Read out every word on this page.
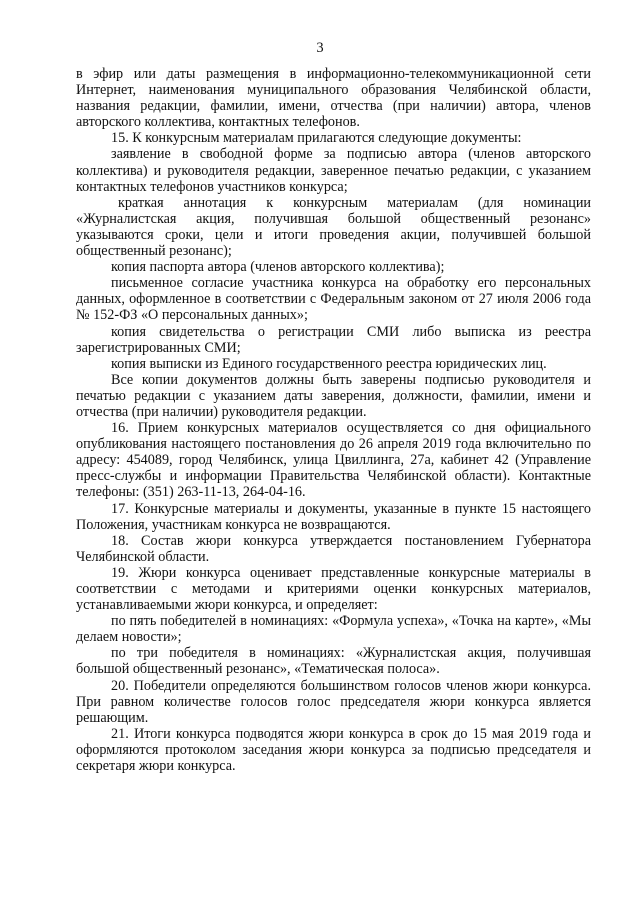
3

в эфир или даты размещения в информационно-телекоммуникационной сети Интернет, наименования муниципального образования Челябинской области, названия редакции, фамилии, имени, отчества (при наличии) автора, членов авторского коллектива, контактных телефонов.

15. К конкурсным материалам прилагаются следующие документы:

заявление в свободной форме за подписью автора (членов авторского коллектива) и руководителя редакции, заверенное печатью редакции, с указанием контактных телефонов участников конкурса;

краткая аннотация к конкурсным материалам (для номинации «Журналистская акция, получившая большой общественный резонанс» указываются сроки, цели и итоги проведения акции, получившей большой общественный резонанс);

копия паспорта автора (членов авторского коллектива);

письменное согласие участника конкурса на обработку его персональных данных, оформленное в соответствии с Федеральным законом от 27 июля 2006 года № 152-ФЗ «О персональных данных»;

копия свидетельства о регистрации СМИ либо выписка из реестра зарегистрированных СМИ;

копия выписки из Единого государственного реестра юридических лиц.

Все копии документов должны быть заверены подписью руководителя и печатью редакции с указанием даты заверения, должности, фамилии, имени и отчества (при наличии) руководителя редакции.

16. Прием конкурсных материалов осуществляется со дня официального опубликования настоящего постановления до 26 апреля 2019 года включительно по адресу: 454089, город Челябинск, улица Цвиллинга, 27а, кабинет 42 (Управление пресс-службы и информации Правительства Челябинской области). Контактные телефоны: (351) 263-11-13, 264-04-16.

17. Конкурсные материалы и документы, указанные в пункте 15 настоящего Положения, участникам конкурса не возвращаются.

18. Состав жюри конкурса утверждается постановлением Губернатора Челябинской области.

19. Жюри конкурса оценивает представленные конкурсные материалы в соответствии с методами и критериями оценки конкурсных материалов, устанавливаемыми жюри конкурса, и определяет:

по пять победителей в номинациях: «Формула успеха», «Точка на карте», «Мы делаем новости»;

по три победителя в номинациях: «Журналистская акция, получившая большой общественный резонанс», «Тематическая полоса».

20. Победители определяются большинством голосов членов жюри конкурса. При равном количестве голосов голос председателя жюри конкурса является решающим.

21. Итоги конкурса подводятся жюри конкурса в срок до 15 мая 2019 года и оформляются протоколом заседания жюри конкурса за подписью председателя и секретаря жюри конкурса.
